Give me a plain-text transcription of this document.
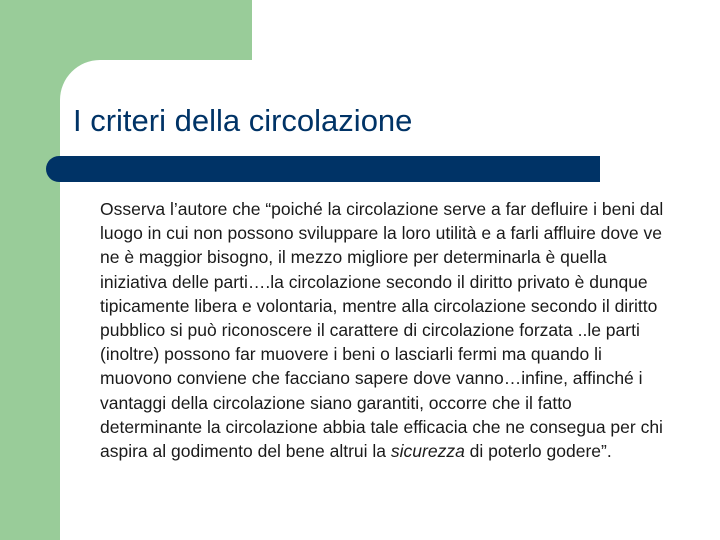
I criteri della circolazione

Osserva l’autore che “poiché la circolazione serve a far defluire i beni dal luogo in cui non possono svilupparе la loro utilità e a farli affluire dove ve ne è maggior bisogno, il mezzo migliore per determinarla è quella iniziativa delle parti….la circolazione secondo il diritto privato è dunque tipicamente libera e volontaria, mentre alla circolazione secondo il diritto pubblico si può riconoscere il carattere di circolazione forzata ..le parti (inoltre) possono far muovere i beni o lasciarli fermi ma quando li muovono conviene che facciano sapere dove vanno…infine, affinché i vantaggi della circolazione siano garantiti, occorre che il fatto determinante la circolazione abbia tale efficacia che ne consegua per chi aspira al godimento del bene altrui la sicurezza di poterlo godere”.
